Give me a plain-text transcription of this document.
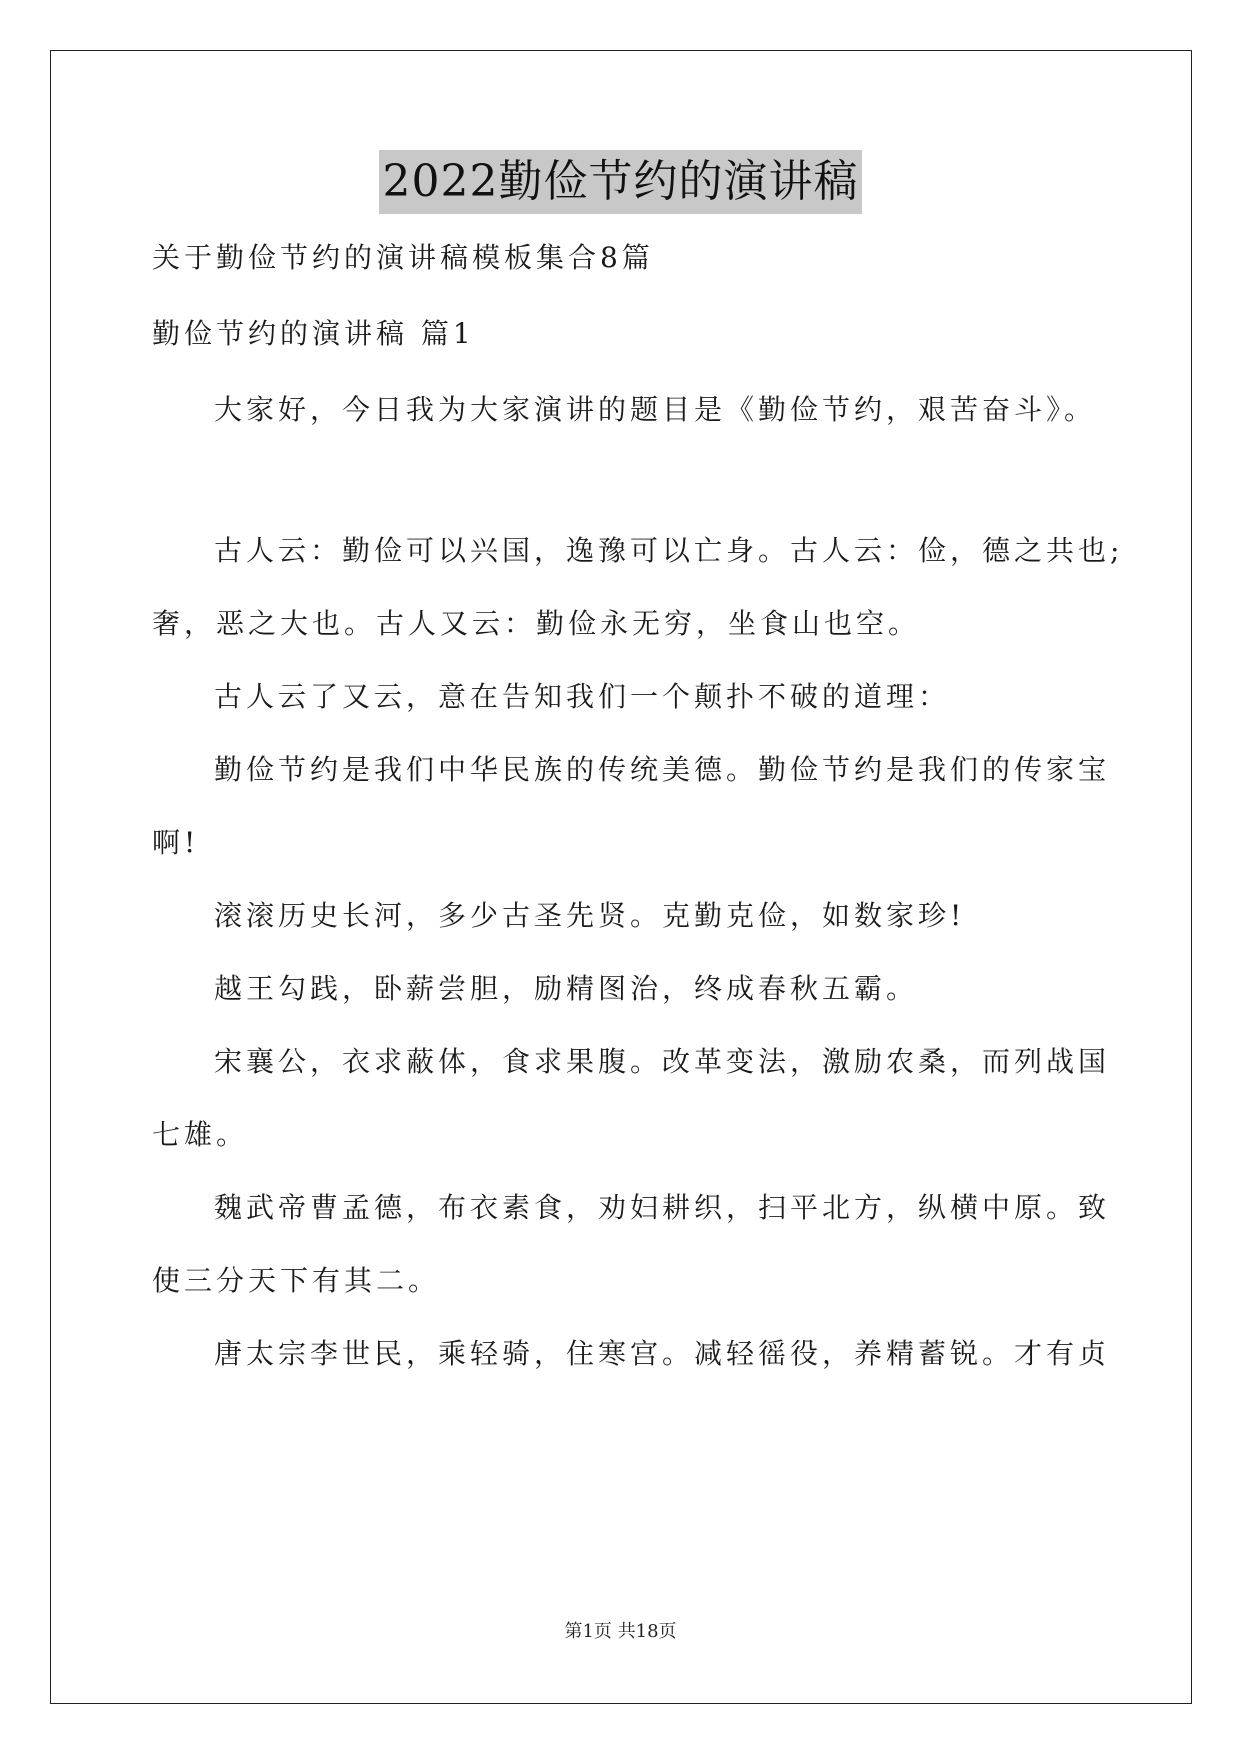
2022勤俭节约的演讲稿
关于勤俭节约的演讲稿模板集合8篇
勤俭节约的演讲稿 篇1
大家好，今日我为大家演讲的题目是《勤俭节约，艰苦奋斗》。
古人云：勤俭可以兴国，逸豫可以亡身。古人云：俭，德之共也;
奢，恶之大也。古人又云：勤俭永无穷，坐食山也空。
古人云了又云，意在告知我们一个颠扑不破的道理：
勤俭节约是我们中华民族的传统美德。勤俭节约是我们的传家宝
啊!
滚滚历史长河，多少古圣先贤。克勤克俭，如数家珍!
越王勾践，卧薪尝胆，励精图治，终成春秋五霸。
宋襄公，衣求蔽体，食求果腹。改革变法，激励农桑，而列战国
七雄。
魏武帝曹孟德，布衣素食，劝妇耕织，扫平北方，纵横中原。致
使三分天下有其二。
唐太宗李世民，乘轻骑，住寒宫。减轻徭役，养精蓄锐。才有贞
第1页 共18页
